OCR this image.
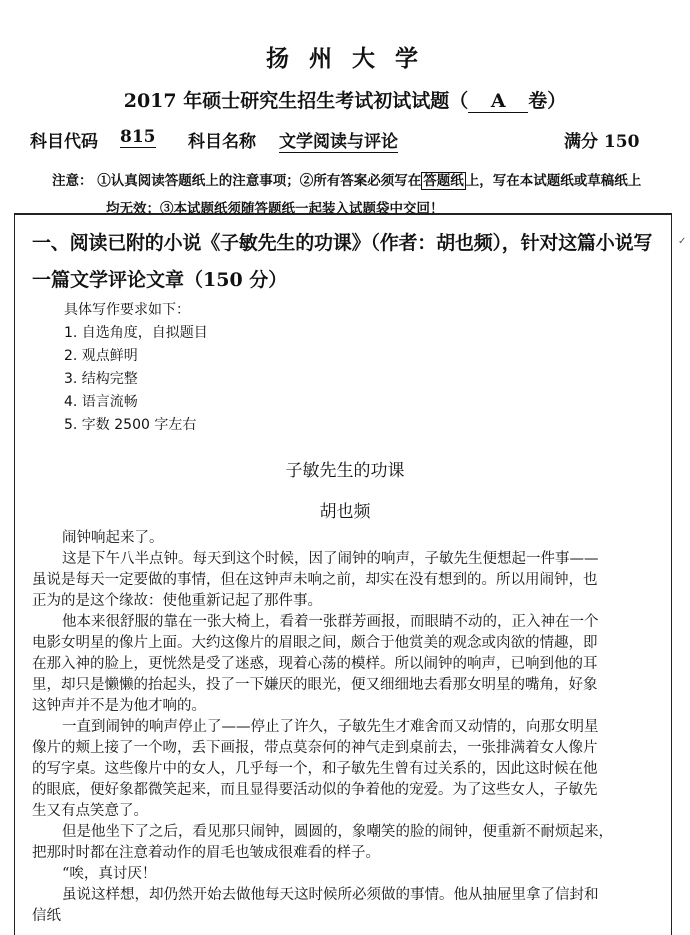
扬 州 大 学
2017 年硕士研究生招生考试初试试题（ A 卷）
科目代码 815 科目名称 文学阅读与评论	满分 150
注意： ①认真阅读答题纸上的注意事项；②所有答案必须写在 答题纸 上，写在本试题纸或草稿纸上
均无效；③本试题纸须随答题纸一起装入试题袋中交回！
✓
一、阅读已附的小说《子敏先生的功课》（作者：胡也频），针对这篇小说写
一篇文学评论文章（150 分）
具体写作要求如下：
1. 自选角度，自拟题目
2. 观点鲜明
3. 结构完整
4. 语言流畅
5. 字数 2500 字左右
子敏先生的功课
胡也频
闹钟响起来了。
这是下午八半点钟。每天到这个时候，因了闹钟的响声，子敏先生便想起一件事——
虽说是每天一定要做的事情，但在这钟声未响之前，却实在没有想到的。所以用闹钟，也
正为的是这个缘故：使他重新记起了那件事。
他本来很舒服的靠在一张大椅上，看着一张群芳画报，而眼睛不动的，正入神在一个
电影女明星的像片上面。大约这像片的眉眼之间，颇合于他赏美的观念或肉欲的情趣，即
在那入神的脸上，更恍然是受了迷惑，现着心荡的模样。所以闹钟的响声，已响到他的耳
里，却只是懒懒的抬起头，投了一下嫌厌的眼光，便又细细地去看那女明星的嘴角，好象
这钟声并不是为他才响的。
一直到闹钟的响声停止了——停止了许久，子敏先生才难舍而又动情的，向那女明星
像片的颊上接了一个吻，丢下画报，带点莫奈何的神气走到桌前去，一张排满着女人像片
的写字桌。这些像片中的女人，几乎每一个，和子敏先生曾有过关系的，因此这时候在他
的眼底，便好象都微笑起来，而且显得要活动似的争着他的宠爱。为了这些女人，子敏先
生又有点笑意了。
但是他坐下了之后，看见那只闹钟，圆圆的，象嘲笑的脸的闹钟，便重新不耐烦起来，
把那时时都在注意着动作的眉毛也皱成很难看的样子。
“唉，真讨厌！
虽说这样想，却仍然开始去做他每天这时候所必须做的事情。他从抽屉里拿了信封和
信纸
